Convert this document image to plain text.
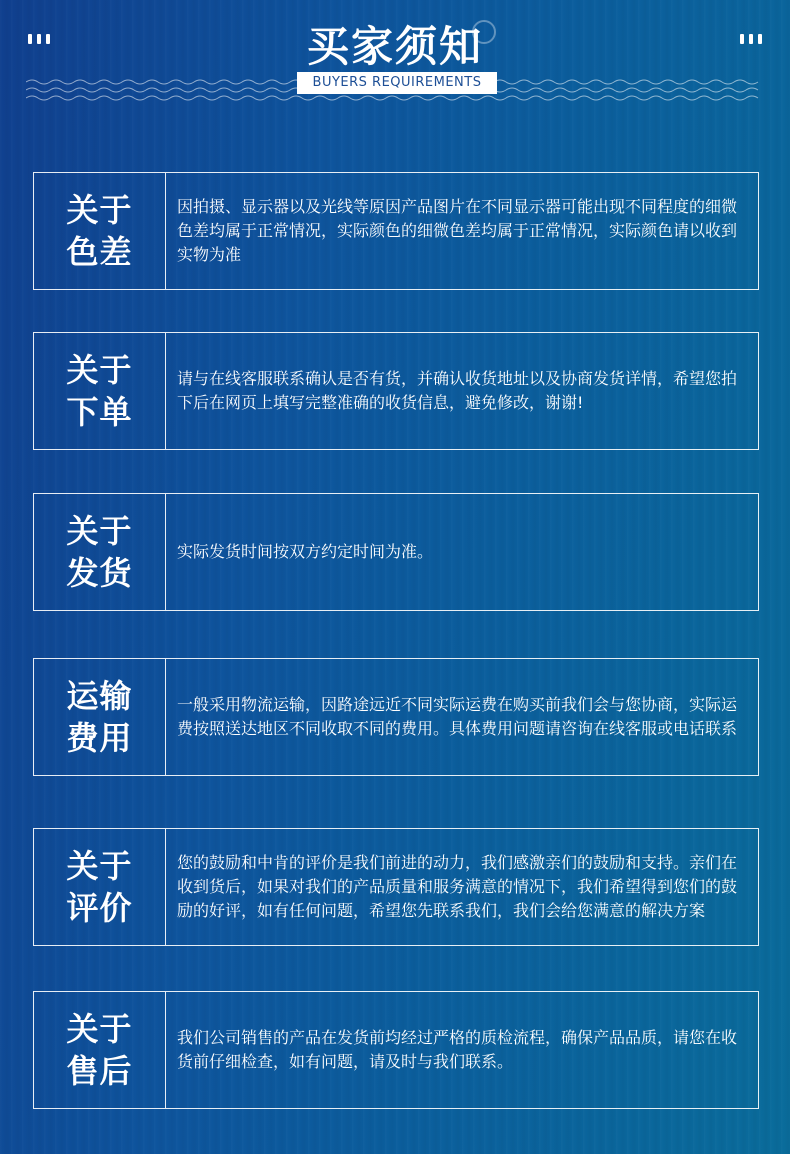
买家须知
BUYERS REQUIREMENTS
关于
色差
因拍摄、显示器以及光线等原因产品图片在不同显示器可能出现不同程度的细微色差均属于正常情况，实际颜色的细微色差均属于正常情况，实际颜色请以收到实物为准
关于
下单
请与在线客服联系确认是否有货，并确认收货地址以及协商发货详情，希望您拍下后在网页上填写完整准确的收货信息，避免修改，谢谢!
关于
发货
实际发货时间按双方约定时间为准。
运输
费用
一般采用物流运输，因路途远近不同实际运费在购买前我们会与您协商，实际运费按照送达地区不同收取不同的费用。具体费用问题请咨询在线客服或电话联系
关于
评价
您的鼓励和中肯的评价是我们前进的动力，我们感激亲们的鼓励和支持。亲们在收到货后，如果对我们的产品质量和服务满意的情况下，我们希望得到您们的鼓励的好评，如有任何问题，希望您先联系我们，我们会给您满意的解决方案
关于
售后
我们公司销售的产品在发货前均经过严格的质检流程，确保产品品质，请您在收货前仔细检查，如有问题，请及时与我们联系。
